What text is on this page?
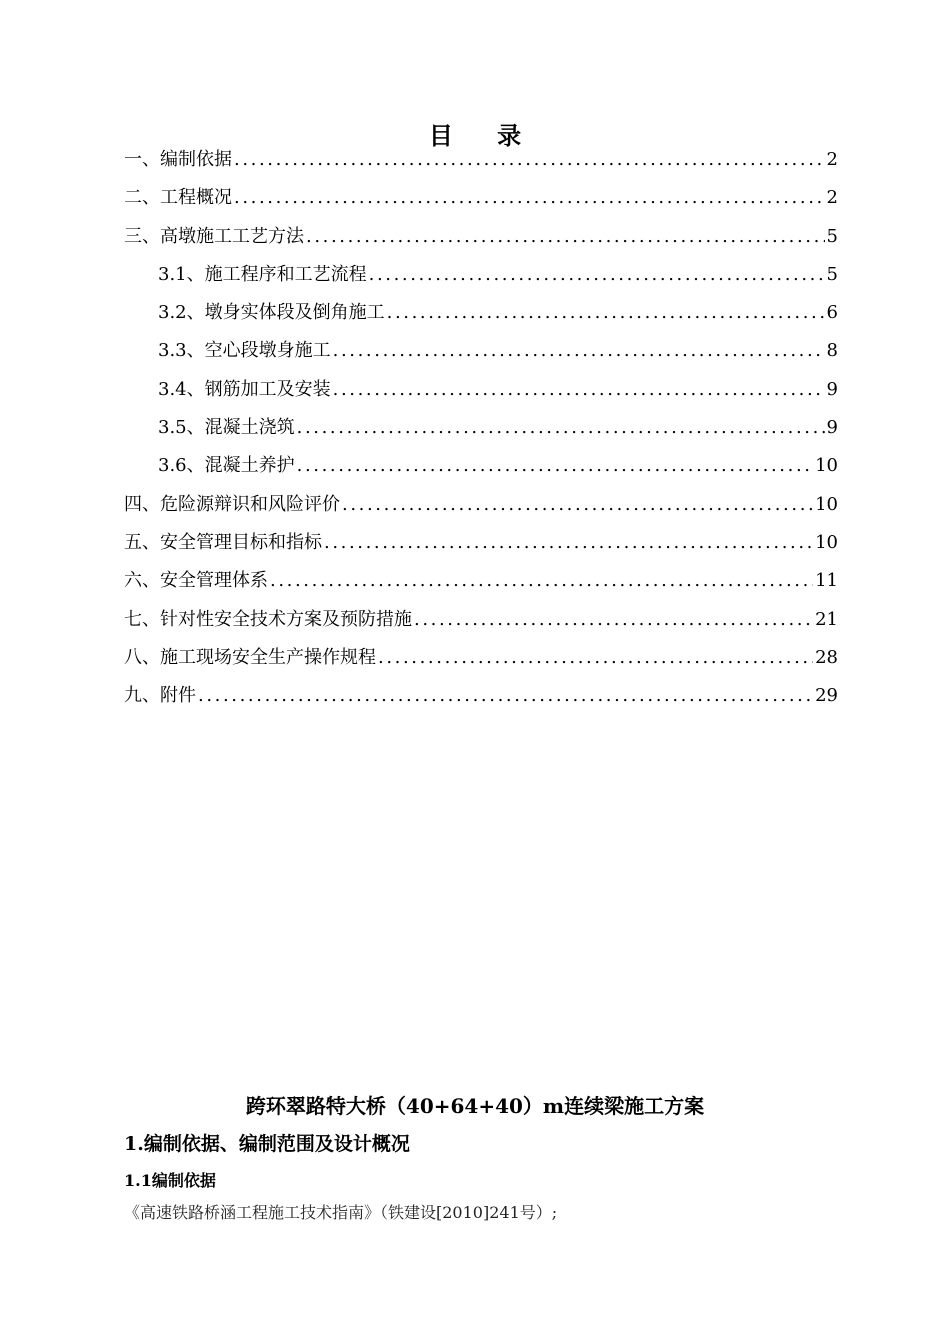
目 录
一、编制依据 .....	2
二、工程概况 .....	2
三、高墩施工工艺方法 .....	5
3.1、施工程序和工艺流程 .....	5
3.2、墩身实体段及倒角施工 .....	6
3.3、空心段墩身施工 .....	8
3.4、钢筋加工及安装 .....	9
3.5、混凝土浇筑 .....	9
3.6、混凝土养护 .....	10
四、危险源辩识和风险评价 .....	10
五、安全管理目标和指标 .....	10
六、安全管理体系 .....	11
七、针对性安全技术方案及预防措施 .....	21
八、施工现场安全生产操作规程 .....	28
九、附件 .....	29
跨环翠路特大桥（40+64+40）m连续梁施工方案
1.编制依据、编制范围及设计概况
1.1编制依据
《高速铁路桥涵工程施工技术指南》（铁建设[2010]241号）;
